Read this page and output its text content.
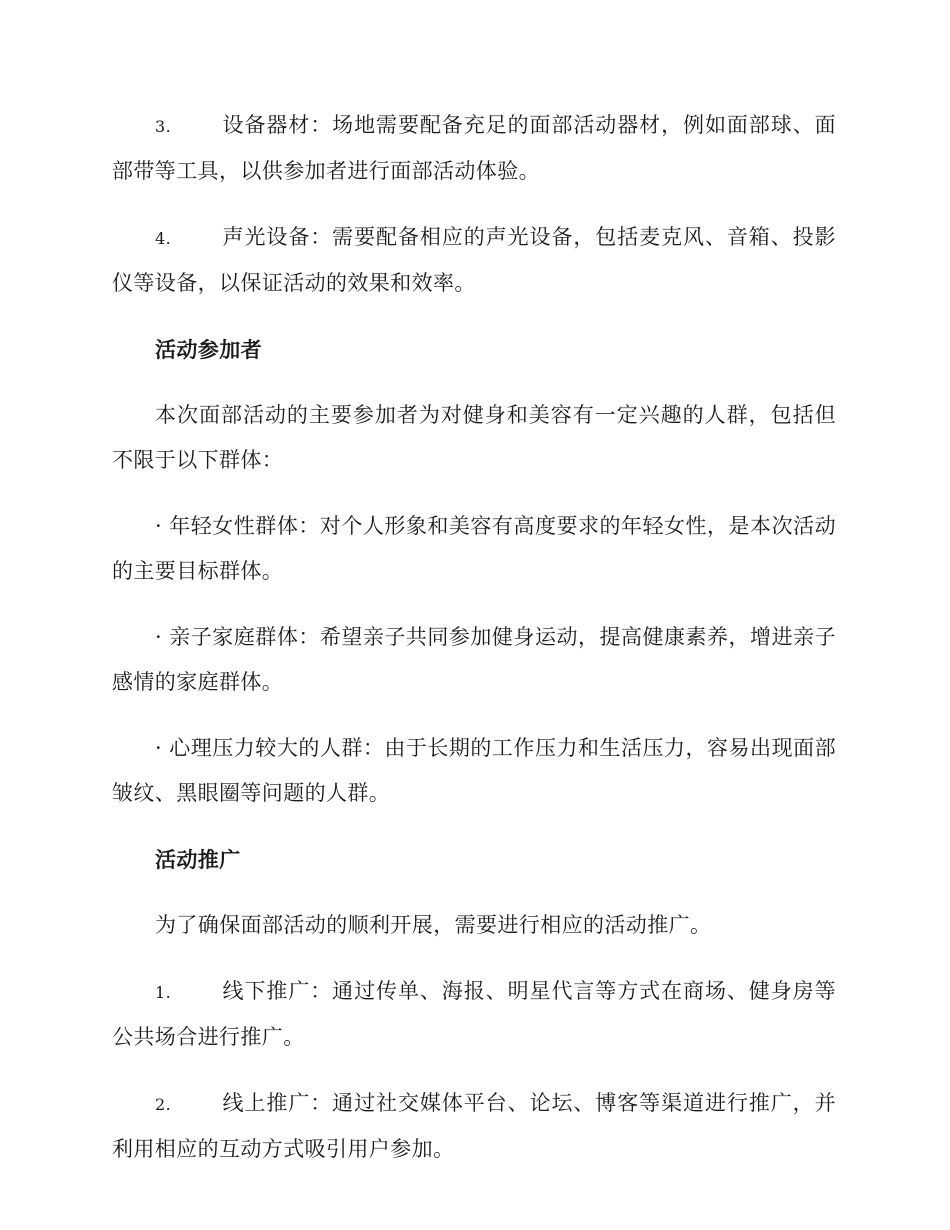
3. 设备器材：场地需要配备充足的面部活动器材，例如面部球、面部带等工具，以供参加者进行面部活动体验。

4. 声光设备：需要配备相应的声光设备，包括麦克风、音箱、投影仪等设备，以保证活动的效果和效率。

活动参加者

本次面部活动的主要参加者为对健身和美容有一定兴趣的人群，包括但不限于以下群体：

· 年轻女性群体：对个人形象和美容有高度要求的年轻女性，是本次活动的主要目标群体。

· 亲子家庭群体：希望亲子共同参加健身运动，提高健康素养，增进亲子感情的家庭群体。

· 心理压力较大的人群：由于长期的工作压力和生活压力，容易出现面部皱纹、黑眼圈等问题的人群。

活动推广

为了确保面部活动的顺利开展，需要进行相应的活动推广。

1. 线下推广：通过传单、海报、明星代言等方式在商场、健身房等公共场合进行推广。

2. 线上推广：通过社交媒体平台、论坛、博客等渠道进行推广，并利用相应的互动方式吸引用户参加。
